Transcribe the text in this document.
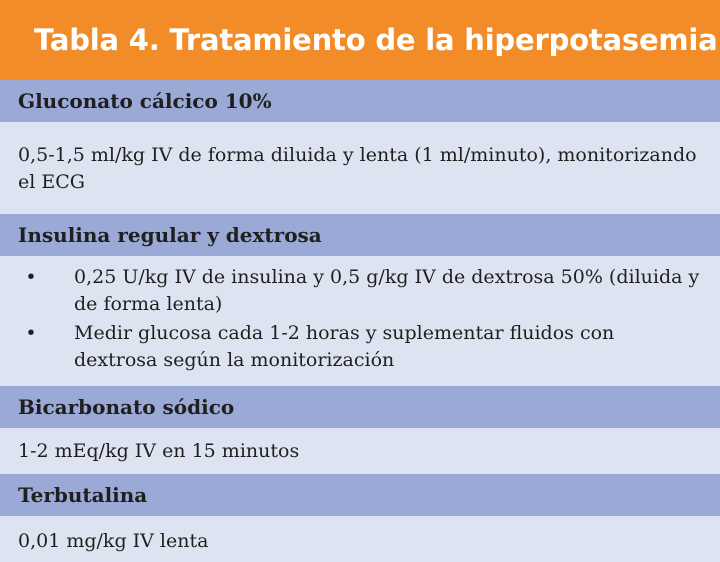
Tabla 4. Tratamiento de la hiperpotasemia
Gluconato cálcico 10%
0,5-1,5 ml/kg IV de forma diluida y lenta (1 ml/minuto), monitorizando el ECG
Insulina regular y dextrosa
• 0,25 U/kg IV de insulina y 0,5 g/kg IV de dextrosa 50% (diluida y de forma lenta)
• Medir glucosa cada 1-2 horas y suplementar fluidos con dextrosa según la monitorización
Bicarbonato sódico
1-2 mEq/kg IV en 15 minutos
Terbutalina
0,01 mg/kg IV lenta
